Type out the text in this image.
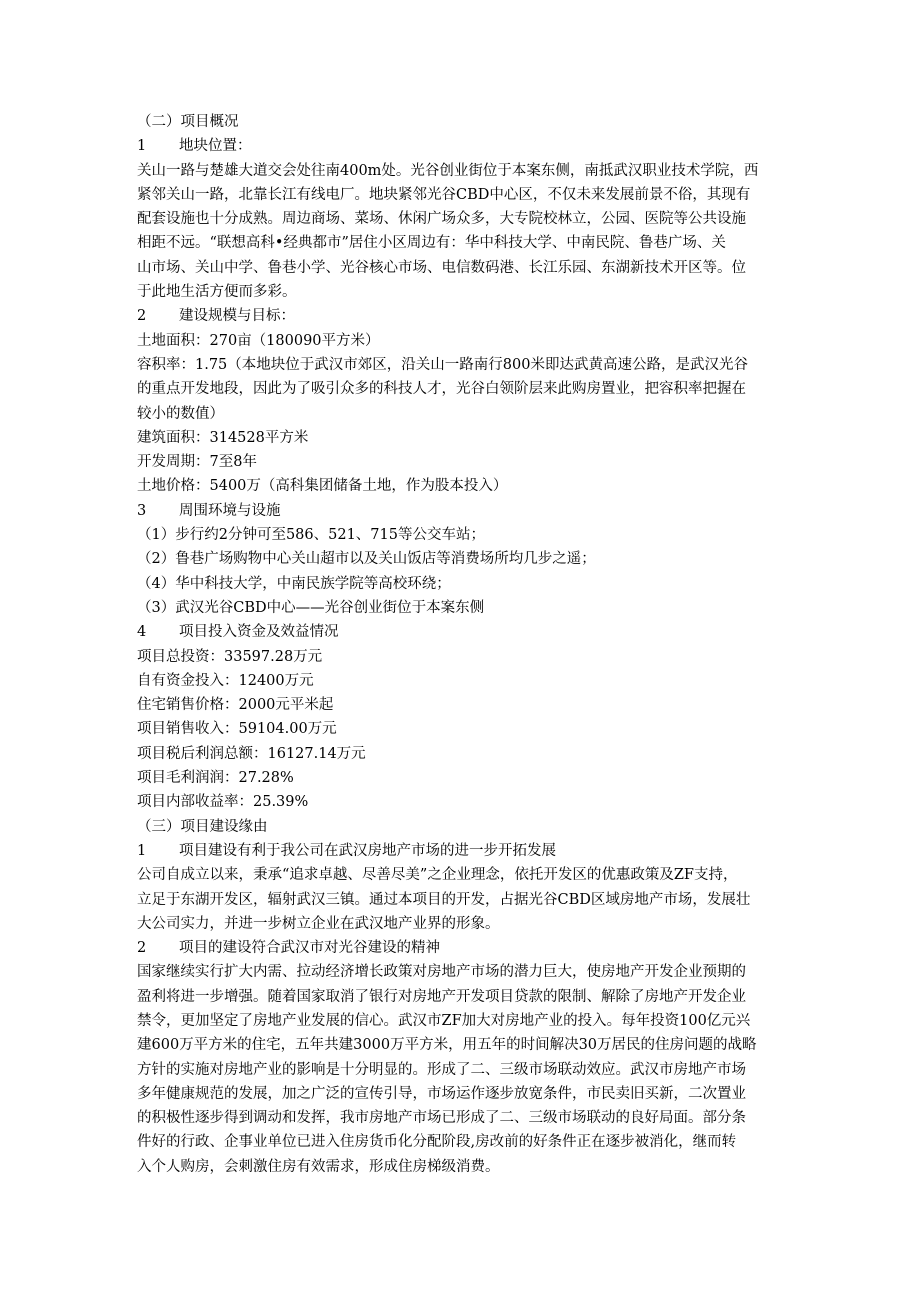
（二）项目概况
1 地块位置：
关山一路与楚雄大道交会处往南400m处。光谷创业街位于本案东侧，南抵武汉职业技术学院，西
紧邻关山一路，北靠长江有线电厂。地块紧邻光谷CBD中心区，不仅未来发展前景不俗，其现有
配套设施也十分成熟。周边商场、菜场、休闲广场众多，大专院校林立，公园、医院等公共设施
相距不远。“联想高科•经典都市”居住小区周边有：华中科技大学、中南民院、鲁巷广场、关
山市场、关山中学、鲁巷小学、光谷核心市场、电信数码港、长江乐园、东湖新技术开区等。位
于此地生活方便而多彩。
2 建设规模与目标：
土地面积：270亩（180090平方米）
容积率：1.75（本地块位于武汉市郊区，沿关山一路南行800米即达武黄高速公路，是武汉光谷
的重点开发地段，因此为了吸引众多的科技人才，光谷白领阶层来此购房置业，把容积率把握在
较小的数值）
建筑面积：314528平方米
开发周期：7至8年
土地价格：5400万（高科集团储备土地，作为股本投入）
3 周围环境与设施
（1）步行约2分钟可至586、521、715等公交车站；
（2）鲁巷广场购物中心关山超市以及关山饭店等消费场所均几步之遥；
（4）华中科技大学，中南民族学院等高校环绕；
（3）武汉光谷CBD中心——光谷创业街位于本案东侧
4 项目投入资金及效益情况
项目总投资：33597.28万元
自有资金投入：12400万元
住宅销售价格：2000元平米起
项目销售收入：59104.00万元
项目税后利润总额：16127.14万元
项目毛利润润：27.28%
项目内部收益率：25.39%
（三）项目建设缘由
1 项目建设有利于我公司在武汉房地产市场的进一步开拓发展
公司自成立以来，秉承“追求卓越、尽善尽美”之企业理念，依托开发区的优惠政策及ZF支持，
立足于东湖开发区，辐射武汉三镇。通过本项目的开发，占据光谷CBD区域房地产市场，发展壮
大公司实力，并进一步树立企业在武汉地产业界的形象。
2 项目的建设符合武汉市对光谷建设的精神
国家继续实行扩大内需、拉动经济增长政策对房地产市场的潜力巨大，使房地产开发企业预期的
盈利将进一步增强。随着国家取消了银行对房地产开发项目贷款的限制、解除了房地产开发企业
禁令，更加坚定了房地产业发展的信心。武汉市ZF加大对房地产业的投入。每年投资100亿元兴
建600万平方米的住宅，五年共建3000万平方米，用五年的时间解决30万居民的住房问题的战略
方针的实施对房地产业的影响是十分明显的。形成了二、三级市场联动效应。武汉市房地产市场
多年健康规范的发展，加之广泛的宣传引导，市场运作逐步放宽条件，市民卖旧买新，二次置业
的积极性逐步得到调动和发挥，我市房地产市场已形成了二、三级市场联动的良好局面。部分条
件好的行政、企事业单位已进入住房货币化分配阶段,房改前的好条件正在逐步被消化，继而转
入个人购房，会刺激住房有效需求，形成住房梯级消费。
